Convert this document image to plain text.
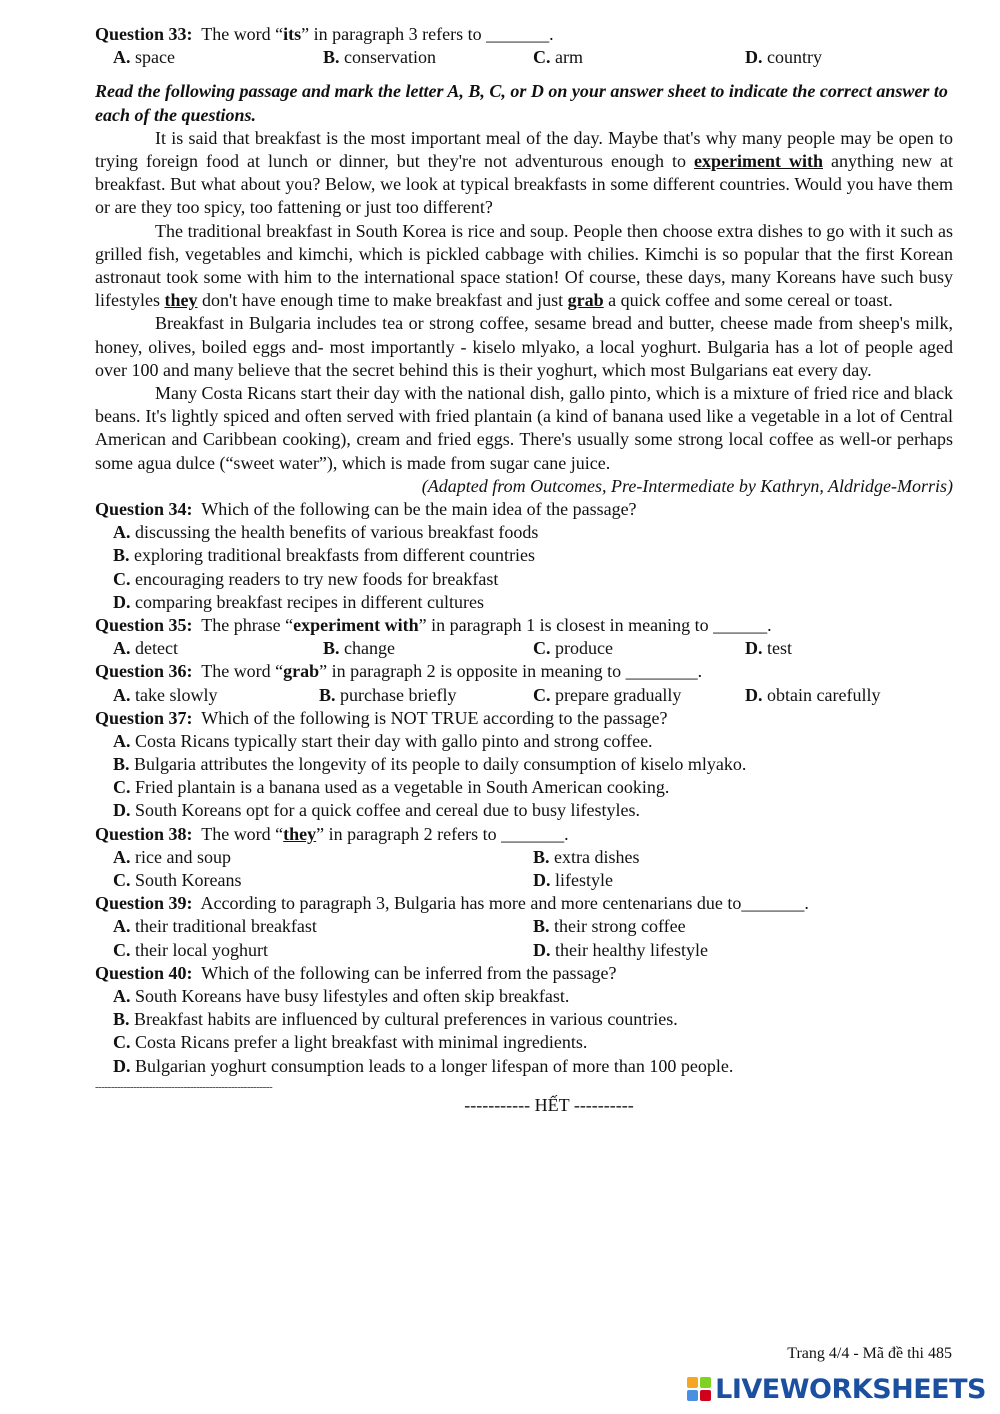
Question 33: The word “its” in paragraph 3 refers to _______.
A. space	B. conservation	C. arm	D. country
Read the following passage and mark the letter A, B, C, or D on your answer sheet to indicate the correct answer to each of the questions.

It is said that breakfast is the most important meal of the day. Maybe that's why many people may be open to trying foreign food at lunch or dinner, but they're not adventurous enough to experiment with anything new at breakfast. But what about you? Below, we look at typical breakfasts in some different countries. Would you have them or are they too spicy, too fattening or just too different?

The traditional breakfast in South Korea is rice and soup. People then choose extra dishes to go with it such as grilled fish, vegetables and kimchi, which is pickled cabbage with chilies. Kimchi is so popular that the first Korean astronaut took some with him to the international space station! Of course, these days, many Koreans have such busy lifestyles they don't have enough time to make breakfast and just grab a quick coffee and some cereal or toast.

Breakfast in Bulgaria includes tea or strong coffee, sesame bread and butter, cheese made from sheep's milk, honey, olives, boiled eggs and- most importantly - kiselo mlyako, a local yoghurt. Bulgaria has a lot of people aged over 100 and many believe that the secret behind this is their yoghurt, which most Bulgarians eat every day.

Many Costa Ricans start their day with the national dish, gallo pinto, which is a mixture of fried rice and black beans. It's lightly spiced and often served with fried plantain (a kind of banana used like a vegetable in a lot of Central American and Caribbean cooking), cream and fried eggs. There's usually some strong local coffee as well-or perhaps some agua dulce (“sweet water”), which is made from sugar cane juice.

(Adapted from Outcomes, Pre-Intermediate by Kathryn, Aldridge-Morris)
Question 34: Which of the following can be the main idea of the passage?
A. discussing the health benefits of various breakfast foods
B. exploring traditional breakfasts from different countries
C. encouraging readers to try new foods for breakfast
D. comparing breakfast recipes in different cultures
Question 35: The phrase “experiment with” in paragraph 1 is closest in meaning to ______.
A. detect	B. change	C. produce	D. test
Question 36: The word “grab” in paragraph 2 is opposite in meaning to ________.
A. take slowly	B. purchase briefly	C. prepare gradually	D. obtain carefully
Question 37: Which of the following is NOT TRUE according to the passage?
A. Costa Ricans typically start their day with gallo pinto and strong coffee.
B. Bulgaria attributes the longevity of its people to daily consumption of kiselo mlyako.
C. Fried plantain is a banana used as a vegetable in South American cooking.
D. South Koreans opt for a quick coffee and cereal due to busy lifestyles.
Question 38: The word “they” in paragraph 2 refers to _______.
A. rice and soup	B. extra dishes
C. South Koreans	D. lifestyle
Question 39: According to paragraph 3, Bulgaria has more and more centenarians due to_______.
A. their traditional breakfast	B. their strong coffee
C. their local yoghurt	D. their healthy lifestyle
Question 40: Which of the following can be inferred from the passage?
A. South Koreans have busy lifestyles and often skip breakfast.
B. Breakfast habits are influenced by cultural preferences in various countries.
C. Costa Ricans prefer a light breakfast with minimal ingredients.
D. Bulgarian yoghurt consumption leads to a longer lifespan of more than 100 people.
--------------------------------------------------------
----------- HẾT ----------
Trang 4/4 - Mã đề thi 485
LIVEWORKSHEETS
